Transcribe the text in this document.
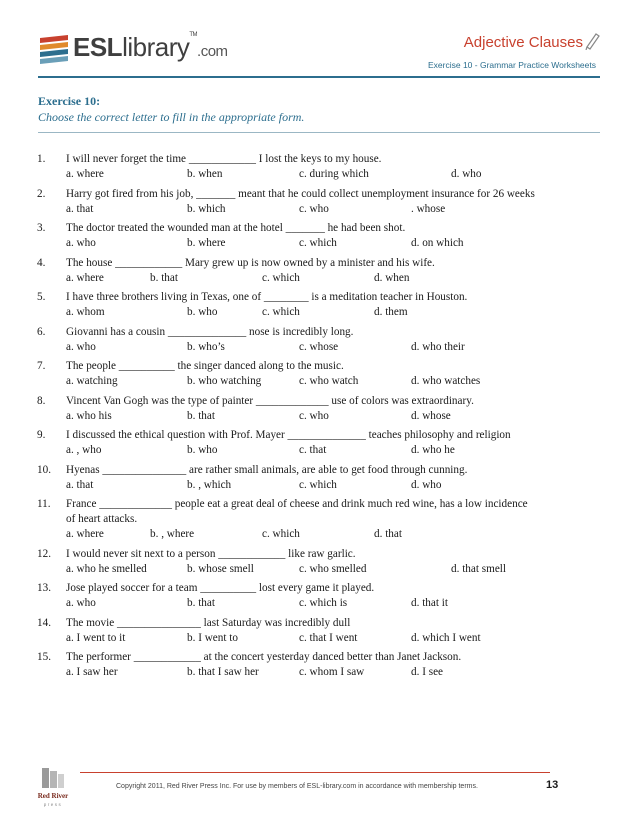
ESLlibrary™.com
Adjective Clauses
Exercise 10 - Grammar Practice Worksheets
Exercise 10:
Choose the correct letter to fill in the appropriate form.
1. I will never forget the time ____________ I lost the keys to my house.
a. where	b. when	c. during which	d. who
2. Harry got fired from his job, _______ meant that he could collect unemployment insurance for 26 weeks
a. that	b. which	c. who	. whose
3. The doctor treated the wounded man at the hotel _______ he had been shot.
a. who	b. where	c. which	d. on which
4. The house ____________ Mary grew up is now owned by a minister and his wife.
a. where	b. that	c. which	d. when
5. I have three brothers living in Texas, one of ________ is a meditation teacher in Houston.
a. whom	b. who	c. which	d. them
6. Giovanni has a cousin ______________ nose is incredibly long.
a. who	b. who’s	c. whose	d. who their
7. The people __________ the singer danced along to the music.
a. watching	b. who watching	c. who watch	d. who watches
8. Vincent Van Gogh was the type of painter _____________ use of colors was extraordinary.
a. who his	b. that	c. who	d. whose
9. I discussed the ethical question with Prof. Mayer ______________ teaches philosophy and religion
a. , who	b. who	c. that	d. who he
10. Hyenas _______________ are rather small animals, are able to get food through cunning.
a. that	b. , which	c. which	d. who
11. France _____________ people eat a great deal of cheese and drink much red wine, has a low incidence
of heart attacks.
a. where	b. , where	c. which	d. that
12. I would never sit next to a person ____________ like raw garlic.
a. who he smelled	b. whose smell	c. who smelled	d. that smell
13. Jose played soccer for a team __________ lost every game it played.
a. who	b. that	c. which is	d. that it
14. The movie _______________ last Saturday was incredibly dull
a. I went to it	b. I went to	c. that I went	d. which I went
15. The performer ____________ at the concert yesterday danced better than Janet Jackson.
a. I saw her	b. that I saw her	c. whom I saw	d. I see
Red River
press
Copyright 2011, Red River Press Inc. For use by members of ESL-library.com in accordance with membership terms.	13
